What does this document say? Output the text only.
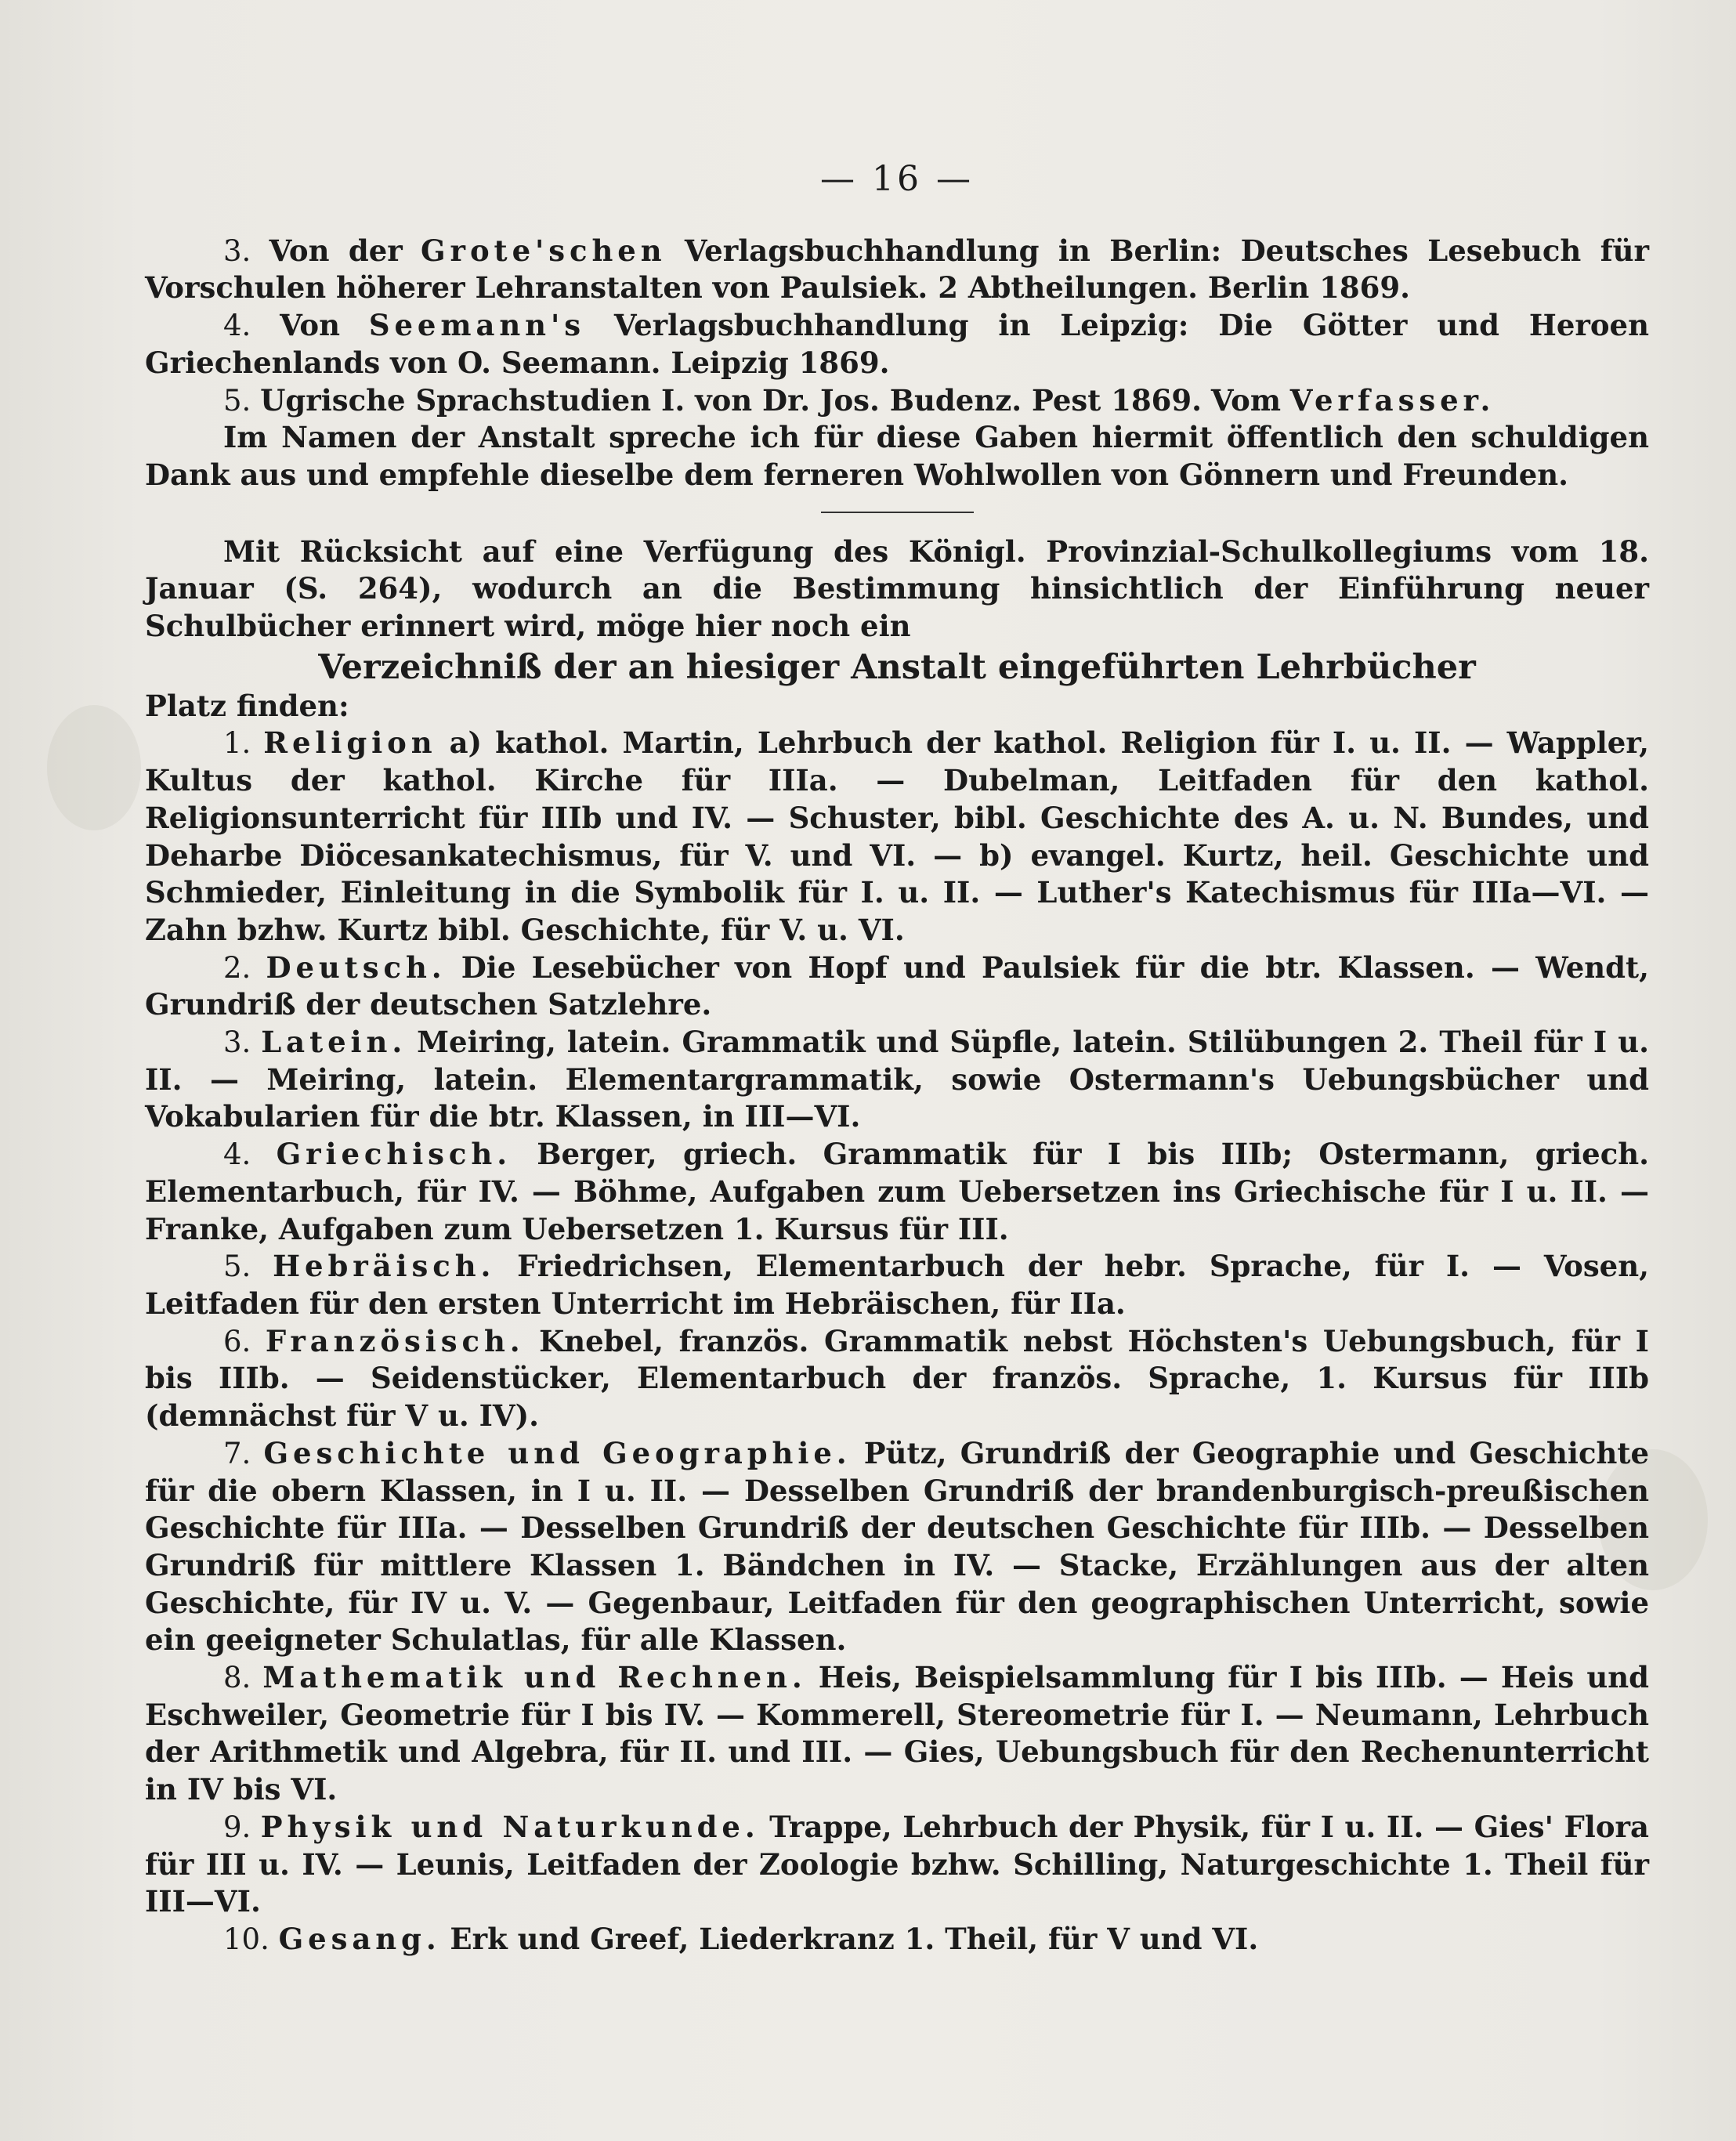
— 16 —

3. Von der Grote'schen Verlagsbuchhandlung in Berlin: Deutsches Lesebuch für Vorschulen höherer Lehranstalten von Paulsiek. 2 Abtheilungen. Berlin 1869.

4. Von Seemann's Verlagsbuchhandlung in Leipzig: Die Götter und Heroen Griechenlands von O. Seemann. Leipzig 1869.

5. Ugrische Sprachstudien I. von Dr. Jos. Budenz. Pest 1869. Vom Verfasser.

Im Namen der Anstalt spreche ich für diese Gaben hiermit öffentlich den schuldigen Dank aus und empfehle dieselbe dem ferneren Wohlwollen von Gönnern und Freunden.

Mit Rücksicht auf eine Verfügung des Königl. Provinzial-Schulkollegiums vom 18. Januar (S. 264), wodurch an die Bestimmung hinsichtlich der Einführung neuer Schulbücher erinnert wird, möge hier noch ein

Verzeichniß der an hiesiger Anstalt eingeführten Lehrbücher

Platz finden:

1. Religion a) kathol. Martin, Lehrbuch der kathol. Religion für I. u. II. — Wappler, Kultus der kathol. Kirche für IIIa. — Dubelman, Leitfaden für den kathol. Religionsunterricht für IIIb und IV. — Schuster, bibl. Geschichte des A. u. N. Bundes, und Deharbe Diöcesankatechismus, für V. und VI. — b) evangel. Kurtz, heil. Geschichte und Schmieder, Einleitung in die Symbolik für I. u. II. — Luther's Katechismus für IIIa—VI. — Zahn bzhw. Kurtz bibl. Geschichte, für V. u. VI.

2. Deutsch. Die Lesebücher von Hopf und Paulsiek für die btr. Klassen. — Wendt, Grundriß der deutschen Satzlehre.

3. Latein. Meiring, latein. Grammatik und Süpfle, latein. Stilübungen 2. Theil für I u. II. — Meiring, latein. Elementargrammatik, sowie Ostermann's Uebungsbücher und Vokabularien für die btr. Klassen, in III—VI.

4. Griechisch. Berger, griech. Grammatik für I bis IIIb; Ostermann, griech. Elementarbuch, für IV. — Böhme, Aufgaben zum Uebersetzen ins Griechische für I u. II. — Franke, Aufgaben zum Uebersetzen 1. Kursus für III.

5. Hebräisch. Friedrichsen, Elementarbuch der hebr. Sprache, für I. — Vosen, Leitfaden für den ersten Unterricht im Hebräischen, für IIa.

6. Französisch. Knebel, französ. Grammatik nebst Höchsten's Uebungsbuch, für I bis IIIb. — Seidenstücker, Elementarbuch der französ. Sprache, 1. Kursus für IIIb (demnächst für V u. IV).

7. Geschichte und Geographie. Pütz, Grundriß der Geographie und Geschichte für die obern Klassen, in I u. II. — Desselben Grundriß der brandenburgisch-preußischen Geschichte für IIIa. — Desselben Grundriß der deutschen Geschichte für IIIb. — Desselben Grundriß für mittlere Klassen 1. Bändchen in IV. — Stacke, Erzählungen aus der alten Geschichte, für IV u. V. — Gegenbaur, Leitfaden für den geographischen Unterricht, sowie ein geeigneter Schulatlas, für alle Klassen.

8. Mathematik und Rechnen. Heis, Beispielsammlung für I bis IIIb. — Heis und Eschweiler, Geometrie für I bis IV. — Kommerell, Stereometrie für I. — Neumann, Lehrbuch der Arithmetik und Algebra, für II. und III. — Gies, Uebungsbuch für den Rechenunterricht in IV bis VI.

9. Physik und Naturkunde. Trappe, Lehrbuch der Physik, für I u. II. — Gies' Flora für III u. IV. — Leunis, Leitfaden der Zoologie bzhw. Schilling, Naturgeschichte 1. Theil für III—VI.

10. Gesang. Erk und Greef, Liederkranz 1. Theil, für V und VI.
